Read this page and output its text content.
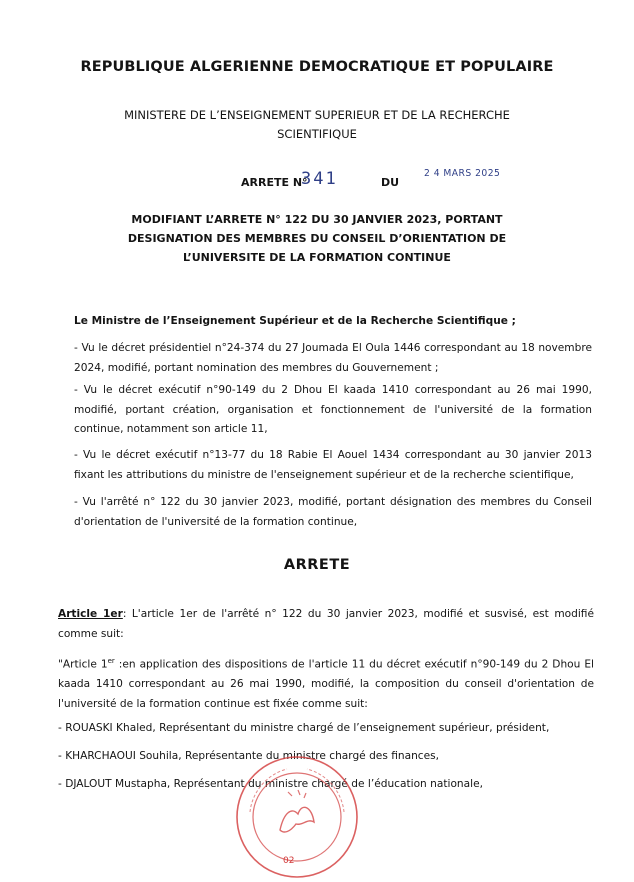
REPUBLIQUE ALGERIENNE DEMOCRATIQUE ET POPULAIRE
MINISTERE DE L’ENSEIGNEMENT SUPERIEUR ET DE LA RECHERCHE
SCIENTIFIQUE
ARRETE N°
341	DU
2 4 MARS 2025
MODIFIANT L’ARRETE N° 122 DU 30 JANVIER 2023, PORTANT
DESIGNATION DES MEMBRES DU CONSEIL D’ORIENTATION DE
L’UNIVERSITE DE LA FORMATION CONTINUE
Le Ministre de l’Enseignement Supérieur et de la Recherche Scientifique ;
- Vu le décret présidentiel n°24-374 du 27 Joumada El Oula 1446 correspondant au 18 novembre 2024, modifié, portant nomination des membres du Gouvernement ;
- Vu le décret exécutif n°90-149 du 2 Dhou El kaada 1410 correspondant au 26 mai 1990, modifié, portant création, organisation et fonctionnement de l'université de la formation continue, notamment son article 11,
- Vu le décret exécutif n°13-77 du 18 Rabie El Aouel 1434 correspondant au 30 janvier 2013 fixant les attributions du ministre de l'enseignement supérieur et de la recherche scientifique,
- Vu l'arrêté n° 122 du 30 janvier 2023, modifié, portant désignation des membres du Conseil d'orientation de l'université de la formation continue,
ARRETE
Article 1er: L'article 1er de l'arrêté n° 122 du 30 janvier 2023, modifié et susvisé, est modifié comme suit:
"Article 1er :en application des dispositions de l'article 11 du décret exécutif n°90-149 du 2 Dhou El kaada 1410 correspondant au 26 mai 1990, modifié, la composition du conseil d'orientation de l'université de la formation continue est fixée comme suit:
- ROUASKI Khaled, Représentant du ministre chargé de l’enseignement supérieur, président,
- KHARCHAOUI Souhila, Représentante du ministre chargé des finances,
- DJALOUT Mustapha, Représentant du ministre chargé de l’éducation nationale,
02
